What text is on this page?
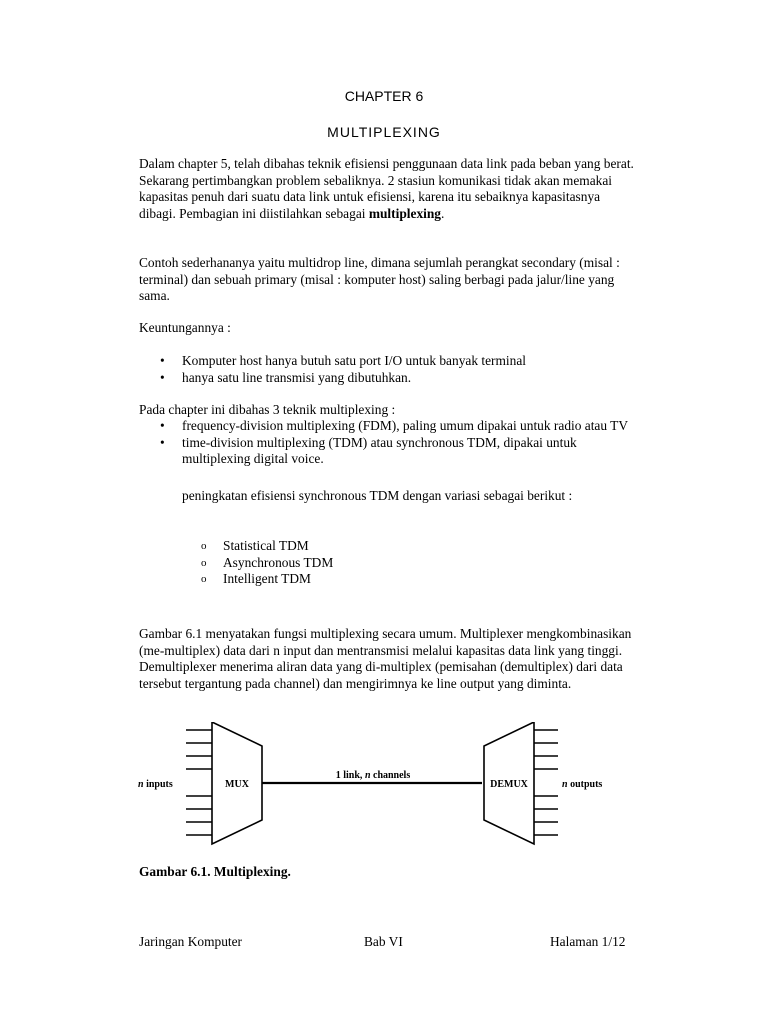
CHAPTER 6
MULTIPLEXING

Dalam chapter 5, telah dibahas teknik efisiensi penggunaan data link pada beban yang berat.

Sekarang pertimbangkan problem sebaliknya. 2 stasiun komunikasi tidak akan memakai kapasitas penuh dari suatu data link untuk efisiensi, karena itu sebaiknya kapasitasnya dibagi. Pembagian ini diistilahkan sebagai multiplexing.

Contoh sederhananya yaitu multidrop line, dimana sejumlah perangkat secondary (misal : terminal) dan sebuah primary (misal : komputer host) saling berbagi pada jalur/line yang sama.
Keuntungannya :
• Komputer host hanya butuh satu port I/O untuk banyak terminal
• hanya satu line transmisi yang dibutuhkan.
Pada chapter ini dibahas 3 teknik multiplexing :
• frequency-division multiplexing (FDM), paling umum dipakai untuk radio atau TV
• time-division multiplexing (TDM) atau synchronous TDM, dipakai untuk multiplexing digital voice.
peningkatan efisiensi synchronous TDM dengan variasi sebagai berikut :
o Statistical TDM
o Asynchronous TDM
o Intelligent TDM
Gambar 6.1 menyatakan fungsi multiplexing secara umum. Multiplexer mengkombinasikan (me-multiplex) data dari n input dan mentransmisi melalui kapasitas data link yang tinggi. Demultiplexer menerima aliran data yang di-multiplex (pemisahan (demultiplex) dari data tersebut tergantung pada channel) dan mengirimnya ke line output yang diminta.
n inputs	MUX
1 link, n channels
DEMUX	n outputs
Gambar 6.1. Multiplexing.
Jaringan Komputer	Bab VI	Halaman 1/12
